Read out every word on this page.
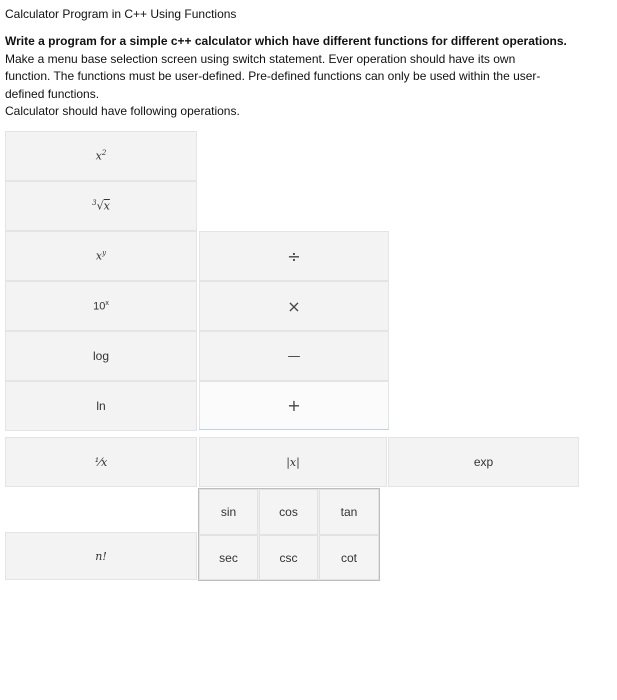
Calculator Program in C++ Using Functions
Write a program for a simple c++ calculator which have different functions for different operations.
Make a menu base selection screen using switch statement. Ever operation should have its own
function. The functions must be user-defined. Pre-defined functions can only be used within the user-
defined functions.
Calculator should have following operations.
$x^2$
$^3$√x
$x^y$
10$^x$
log
ln
⅟x
n!
÷
×
—
+
|x|	exp
sin	cos	tan
sec	csc	cot
